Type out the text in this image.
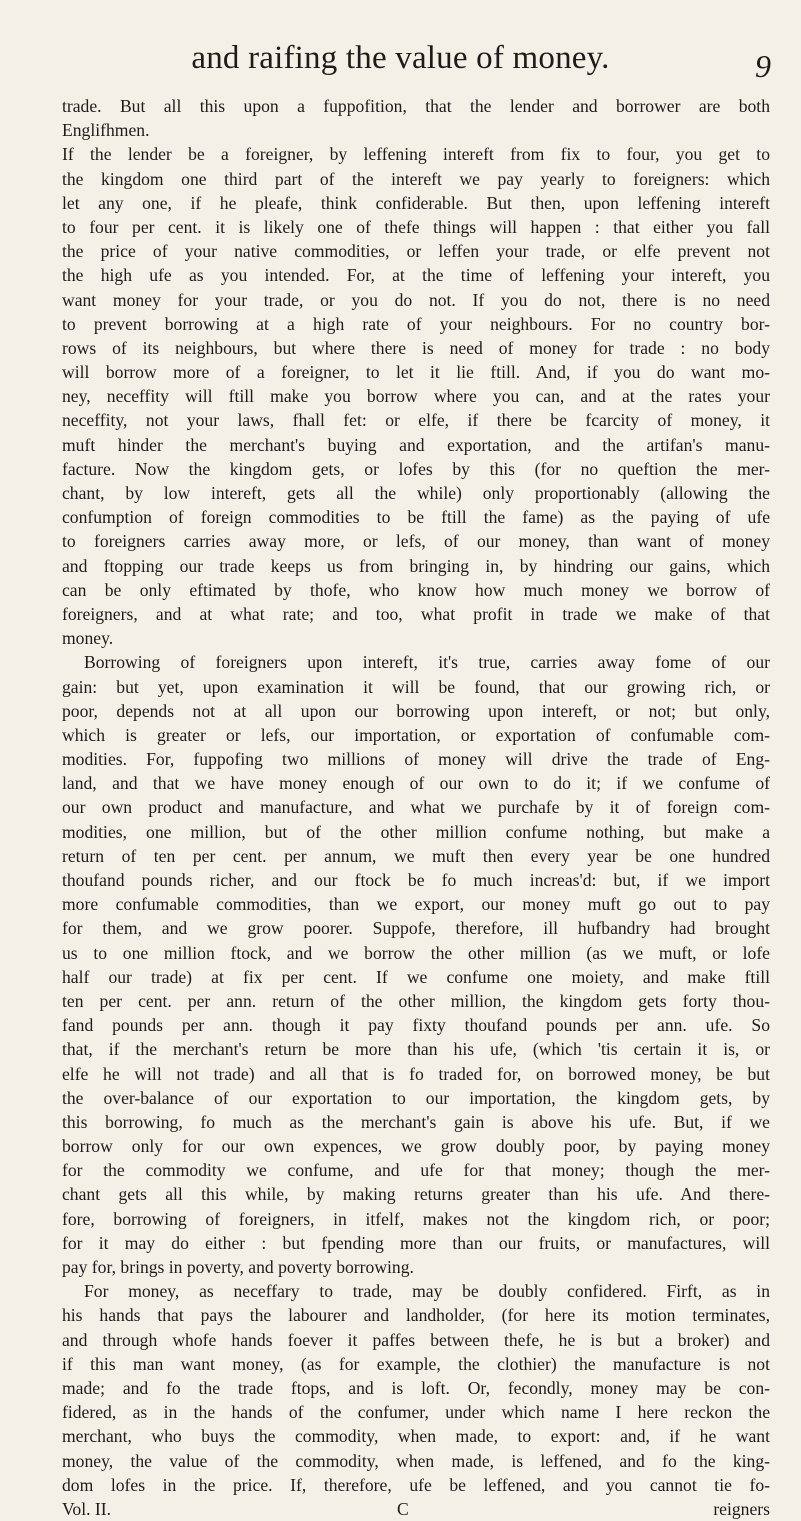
and raifing the value of money.	9
trade. But all this upon a fuppofition, that the lender and borrower are both
Englifhmen.
If the lender be a foreigner, by leffening intereft from fix to four, you get to
the kingdom one third part of the intereft we pay yearly to foreigners: which
let any one, if he pleafe, think confiderable. But then, upon leffening intereft
to four per cent. it is likely one of thefe things will happen : that either you fall
the price of your native commodities, or leffen your trade, or elfe prevent not
the high ufe as you intended. For, at the time of leffening your intereft, you
want money for your trade, or you do not. If you do not, there is no need
to prevent borrowing at a high rate of your neighbours. For no country bor-
rows of its neighbours, but where there is need of money for trade : no body
will borrow more of a foreigner, to let it lie ftill. And, if you do want mo-
ney, neceffity will ftill make you borrow where you can, and at the rates your
neceffity, not your laws, fhall fet: or elfe, if there be fcarcity of money, it
muft hinder the merchant's buying and exportation, and the artifan's manu-
facture. Now the kingdom gets, or lofes by this (for no queftion the mer-
chant, by low intereft, gets all the while) only proportionably (allowing the
confumption of foreign commodities to be ftill the fame) as the paying of ufe
to foreigners carries away more, or lefs, of our money, than want of money
and ftopping our trade keeps us from bringing in, by hindring our gains, which
can be only eftimated by thofe, who know how much money we borrow of
foreigners, and at what rate; and too, what profit in trade we make of that
money.
Borrowing of foreigners upon intereft, it's true, carries away fome of our
gain: but yet, upon examination it will be found, that our growing rich, or
poor, depends not at all upon our borrowing upon intereft, or not; but only,
which is greater or lefs, our importation, or exportation of confumable com-
modities. For, fuppofing two millions of money will drive the trade of Eng-
land, and that we have money enough of our own to do it; if we confume of
our own product and manufacture, and what we purchafe by it of foreign com-
modities, one million, but of the other million confume nothing, but make a
return of ten per cent. per annum, we muft then every year be one hundred
thoufand pounds richer, and our ftock be fo much increas'd: but, if we import
more confumable commodities, than we export, our money muft go out to pay
for them, and we grow poorer. Suppofe, therefore, ill hufbandry had brought
us to one million ftock, and we borrow the other million (as we muft, or lofe
half our trade) at fix per cent. If we confume one moiety, and make ftill
ten per cent. per ann. return of the other million, the kingdom gets forty thou-
fand pounds per ann. though it pay fixty thoufand pounds per ann. ufe. So
that, if the merchant's return be more than his ufe, (which 'tis certain it is, or
elfe he will not trade) and all that is fo traded for, on borrowed money, be but
the over-balance of our exportation to our importation, the kingdom gets, by
this borrowing, fo much as the merchant's gain is above his ufe. But, if we
borrow only for our own expences, we grow doubly poor, by paying money
for the commodity we confume, and ufe for that money; though the mer-
chant gets all this while, by making returns greater than his ufe. And there-
fore, borrowing of foreigners, in itfelf, makes not the kingdom rich, or poor;
for it may do either : but fpending more than our fruits, or manufactures, will
pay for, brings in poverty, and poverty borrowing.
For money, as neceffary to trade, may be doubly confidered. Firft, as in
his hands that pays the labourer and landholder, (for here its motion terminates,
and through whofe hands foever it paffes between thefe, he is but a broker) and
if this man want money, (as for example, the clothier) the manufacture is not
made; and fo the trade ftops, and is loft. Or, fecondly, money may be con-
fidered, as in the hands of the confumer, under which name I here reckon the
merchant, who buys the commodity, when made, to export: and, if he want
money, the value of the commodity, when made, is leffened, and fo the king-
dom lofes in the price. If, therefore, ufe be leffened, and you cannot tie fo-
Vol. II.	C	reigners
